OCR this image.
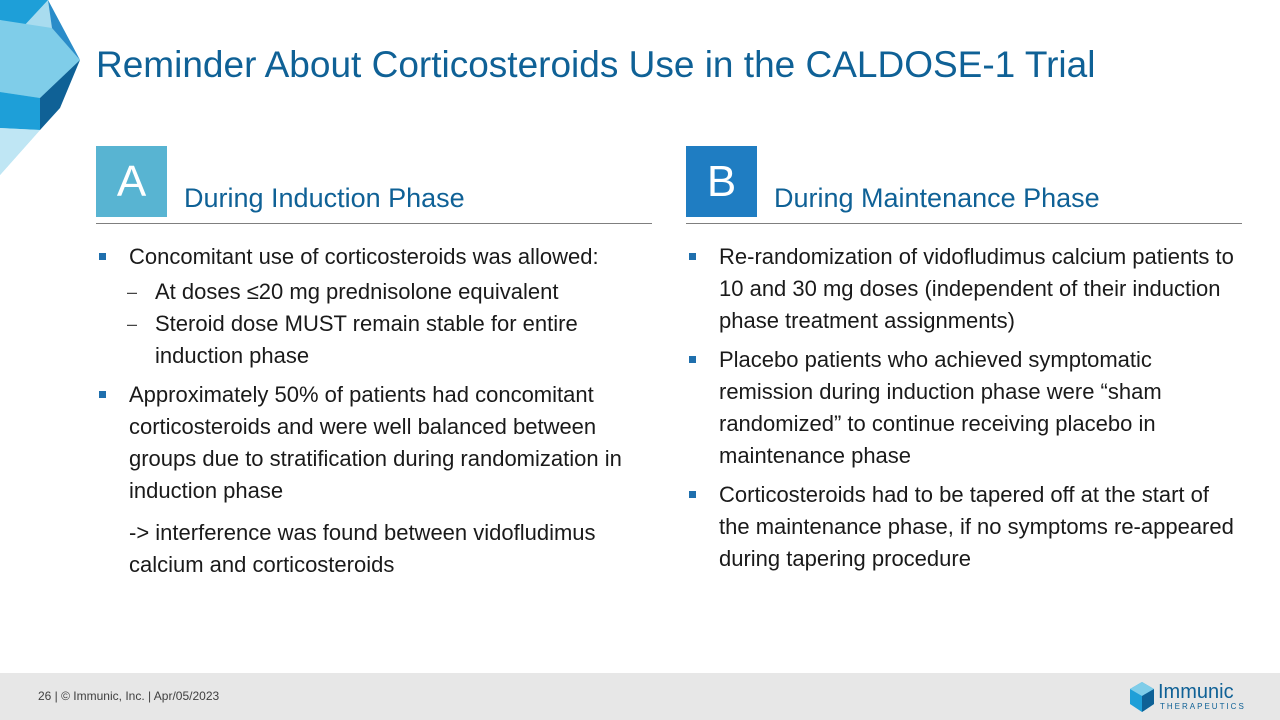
Reminder About Corticosteroids Use in the CALDOSE-1 Trial
A	During Induction Phase
Concomitant use of corticosteroids was allowed:
– At doses ≤20 mg prednisolone equivalent
– Steroid dose MUST remain stable for entire induction phase
Approximately 50% of patients had concomitant corticosteroids and were well balanced between groups due to stratification during randomization in induction phase
-> interference was found between vidofludimus calcium and corticosteroids
B	During Maintenance Phase
Re-randomization of vidofludimus calcium patients to 10 and 30 mg doses (independent of their induction phase treatment assignments)
Placebo patients who achieved symptomatic remission during induction phase were “sham randomized” to continue receiving placebo in maintenance phase
Corticosteroids had to be tapered off at the start of the maintenance phase, if no symptoms re-appeared during tapering procedure
26 | © Immunic, Inc. | Apr/05/2023	Immunic
THERAPEUTICS
